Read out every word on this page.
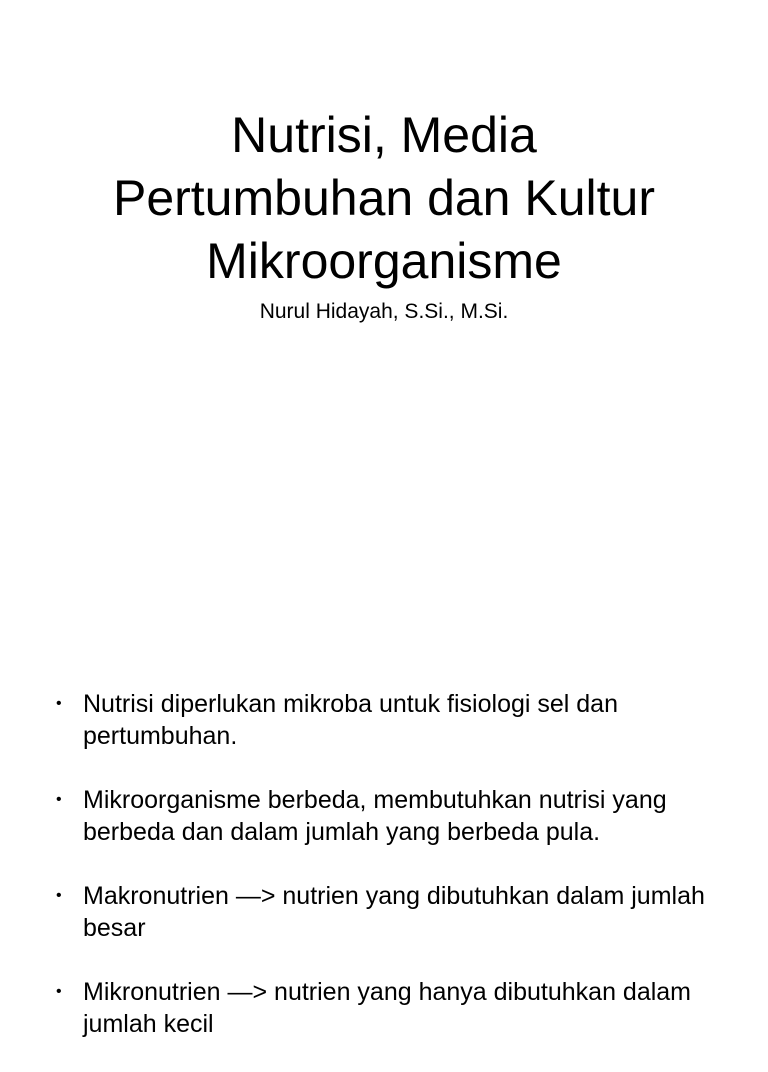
Nutrisi, Media
Pertumbuhan dan Kultur
Mikroorganisme

Nurul Hidayah, S.Si., M.Si.

• Nutrisi diperlukan mikroba untuk fisiologi sel dan pertumbuhan.
• Mikroorganisme berbeda, membutuhkan nutrisi yang berbeda dan dalam jumlah yang berbeda pula.
• Makronutrien —> nutrien yang dibutuhkan dalam jumlah besar
• Mikronutrien —> nutrien yang hanya dibutuhkan dalam jumlah kecil
